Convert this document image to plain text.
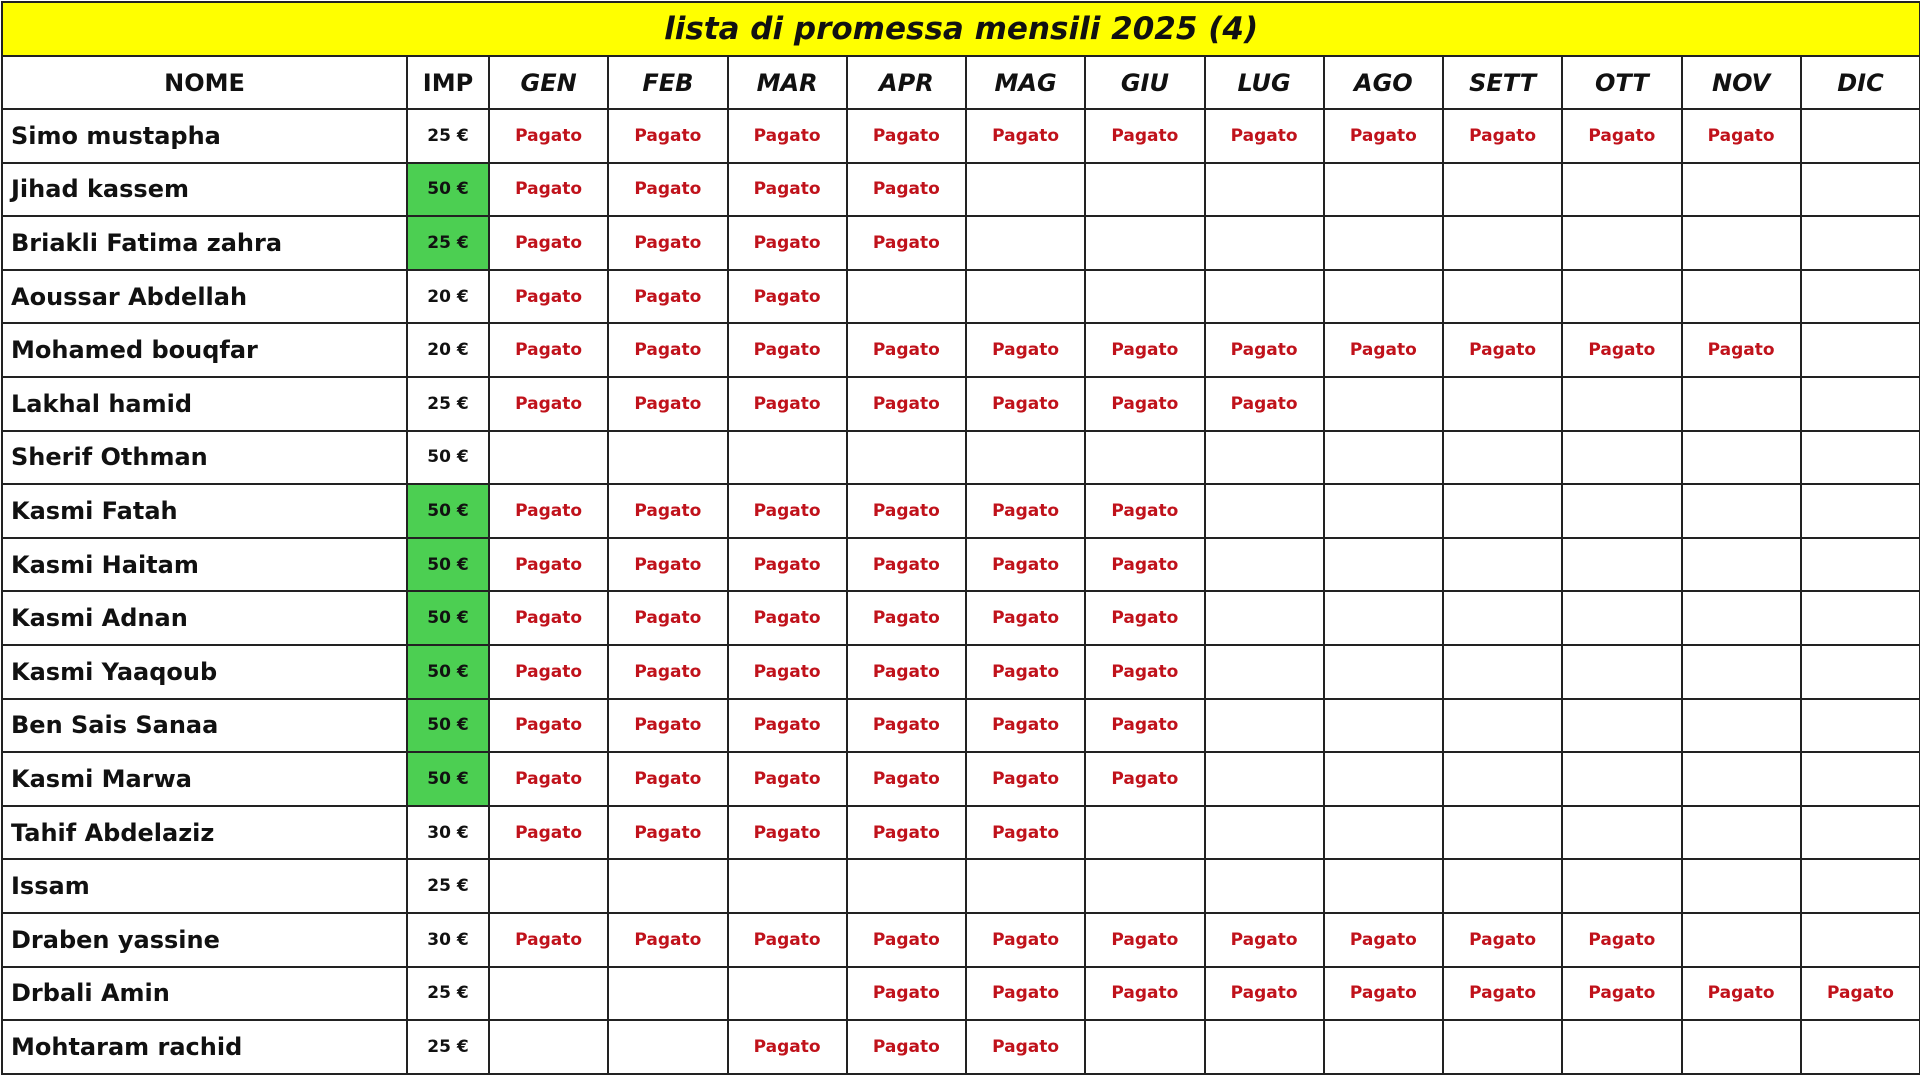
lista di promessa mensili 2025 (4)													
NOME	IMP	GEN	FEB	MAR	APR	MAG	GIU	LUG	AGO	SETT	OTT	NOV	DIC
Simo mustapha	25 €	Pagato	Pagato	Pagato	Pagato	Pagato	Pagato	Pagato	Pagato	Pagato	Pagato	Pagato	
Jihad kassem	50 €	Pagato	Pagato	Pagato	Pagato								
Briakli Fatima zahra	25 €	Pagato	Pagato	Pagato	Pagato								
Aoussar Abdellah	20 €	Pagato	Pagato	Pagato									
Mohamed bouqfar	20 €	Pagato	Pagato	Pagato	Pagato	Pagato	Pagato	Pagato	Pagato	Pagato	Pagato	Pagato	
Lakhal hamid	25 €	Pagato	Pagato	Pagato	Pagato	Pagato	Pagato	Pagato					
Sherif Othman	50 €												
Kasmi Fatah	50 €	Pagato	Pagato	Pagato	Pagato	Pagato	Pagato						
Kasmi Haitam	50 €	Pagato	Pagato	Pagato	Pagato	Pagato	Pagato						
Kasmi Adnan	50 €	Pagato	Pagato	Pagato	Pagato	Pagato	Pagato						
Kasmi Yaaqoub	50 €	Pagato	Pagato	Pagato	Pagato	Pagato	Pagato						
Ben Sais Sanaa	50 €	Pagato	Pagato	Pagato	Pagato	Pagato	Pagato						
Kasmi Marwa	50 €	Pagato	Pagato	Pagato	Pagato	Pagato	Pagato						
Tahif Abdelaziz	30 €	Pagato	Pagato	Pagato	Pagato	Pagato							
Issam	25 €												
Draben yassine	30 €	Pagato	Pagato	Pagato	Pagato	Pagato	Pagato	Pagato	Pagato	Pagato	Pagato		
Drbali Amin	25 €				Pagato	Pagato	Pagato	Pagato	Pagato	Pagato	Pagato	Pagato	Pagato
Mohtaram rachid	25 €			Pagato	Pagato	Pagato							
